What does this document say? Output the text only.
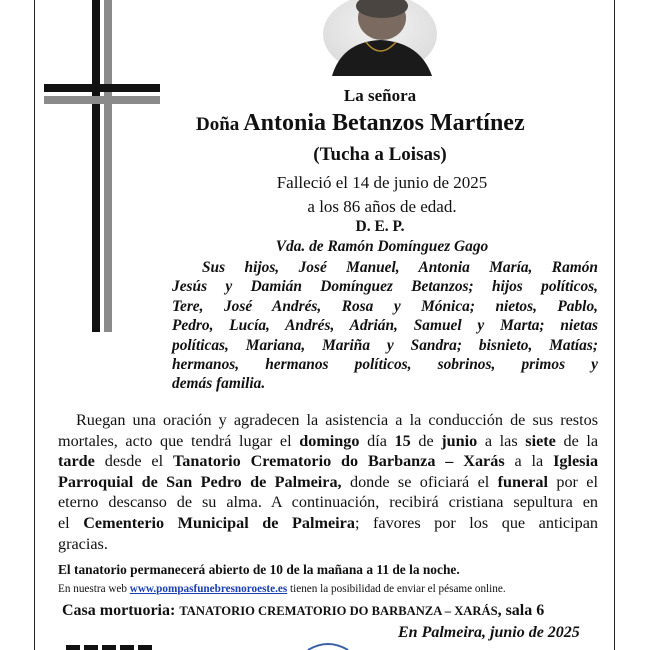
La señora
Doña Antonia Betanzos Martínez
(Tucha a Loisas)
Falleció el 14 de junio de 2025
a los 86 años de edad.
D. E. P.
Vda. de Ramón Domínguez Gago
Sus hijos, José Manuel, Antonia María, Ramón
Jesús y Damián Domínguez Betanzos; hijos políticos,
Tere, José Andrés, Rosa y Mónica; nietos, Pablo,
Pedro, Lucía, Andrés, Adrián, Samuel y Marta; nietas
políticas, Mariana, Mariña y Sandra; bisnieto, Matías;
hermanos, hermanos políticos, sobrinos, primos y
demás familia.
Ruegan una oración y agradecen la asistencia a la conducción de sus restos
mortales, acto que tendrá lugar el domingo día 15 de junio a las siete de la
tarde desde el Tanatorio Crematorio do Barbanza – Xarás a la Iglesia
Parroquial de San Pedro de Palmeira, donde se oficiará el funeral por el
eterno descanso de su alma. A continuación, recibirá cristiana sepultura en
el Cementerio Municipal de Palmeira; favores por los que anticipan
gracias.
El tanatorio permanecerá abierto de 10 de la mañana a 11 de la noche.
En nuestra web www.pompasfunebresnoroeste.es tienen la posibilidad de enviar el pésame online.
Casa mortuoria: TANATORIO CREMATORIO DO BARBANZA – XARÁS, sala 6
En Palmeira, junio de 2025
